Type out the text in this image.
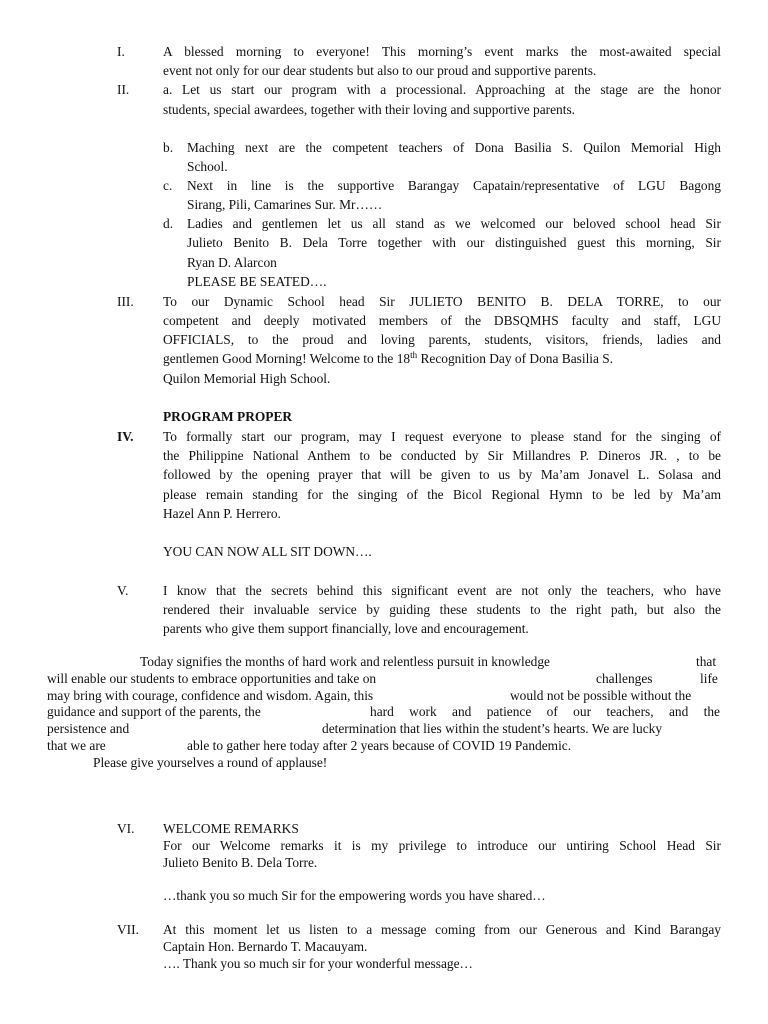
I.	A blessed morning to everyone! This morning’s event marks the most-awaited special
event not only for our dear students but also to our proud and supportive parents.
II.	a. Let us start our program with a processional. Approaching at the stage are the honor
students, special awardees, together with their loving and supportive parents.
b. Maching next are the competent teachers of Dona Basilia S. Quilon Memorial High
School.
c. Next in line is the supportive Barangay Capatain/representative of LGU Bagong
Sirang, Pili, Camarines Sur. Mr……
d. Ladies and gentlemen let us all stand as we welcomed our beloved school head Sir
Julieto Benito B. Dela Torre together with our distinguished guest this morning, Sir
Ryan D. Alarcon
PLEASE BE SEATED….
III. To our Dynamic School head Sir JULIETO BENITO B. DELA TORRE, to our
competent and deeply motivated members of the DBSQMHS faculty and staff, LGU
OFFICIALS, to the proud and loving parents, students, visitors, friends, ladies and
gentlemen Good Morning! Welcome to the 18th Recognition Day of Dona Basilia S.
Quilon Memorial High School.
PROGRAM PROPER
IV. To formally start our program, may I request everyone to please stand for the singing of
the Philippine National Anthem to be conducted by Sir Millandres P. Dineros JR. , to be
followed by the opening prayer that will be given to us by Ma’am Jonavel L. Solasa and
please remain standing for the singing of the Bicol Regional Hymn to be led by Ma’am
Hazel Ann P. Herrero.
YOU CAN NOW ALL SIT DOWN….
V.	I know that the secrets behind this significant event are not only the teachers, who have
rendered their invaluable service by guiding these students to the right path, but also the
parents who give them support financially, love and encouragement.
Today signifies the months of hard work and relentless pursuit in knowledge	that
will enable our students to embrace opportunities and take on	challenges	life
may bring with courage, confidence and wisdom. Again, this	would not be possible without the
guidance and support of the parents, the	hard work and patience of our teachers, and the
persistence and	determination that lies within the student’s hearts. We are lucky
that we are	able to gather here today after 2 years because of COVID 19 Pandemic.
Please give yourselves a round of applause!
VI. WELCOME REMARKS
For our Welcome remarks it is my privilege to introduce our untiring School Head Sir
Julieto Benito B. Dela Torre.
…thank you so much Sir for the empowering words you have shared…
VII. At this moment let us listen to a message coming from our Generous and Kind Barangay
Captain Hon. Bernardo T. Macauyam.
…. Thank you so much sir for your wonderful message…
